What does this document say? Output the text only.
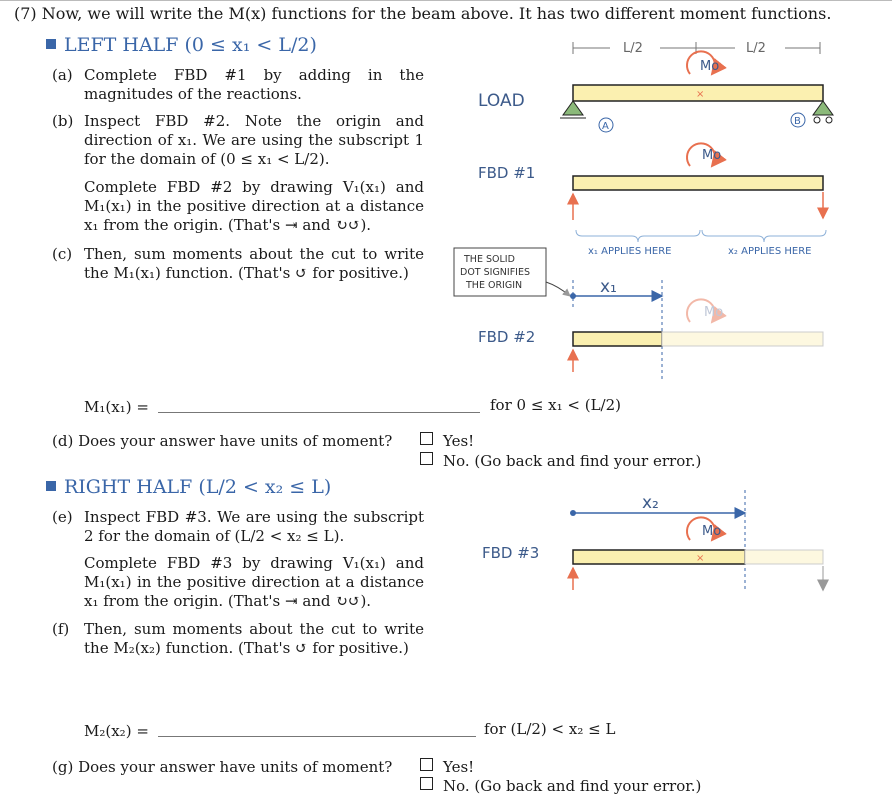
(7) Now, we will write the M(x) functions for the beam above. It has two different moment functions.
LEFT HALF (0 ≤ x₁ < L/2)
(a) Complete FBD #1 by adding in the magnitudes of the reactions.
(b) Inspect FBD #2. Note the origin and direction of x₁. We are using the subscript 1 for the domain of (0 ≤ x₁ < L/2).
Complete FBD #2 by drawing V₁(x₁) and M₁(x₁) in the positive direction at a distance x₁ from the origin. (That's ⇥ and ↻↺).
(c) Then, sum moments about the cut to write the M₁(x₁) function. (That's ↺ for positive.)
M₁(x₁) =	for 0 ≤ x₁ < (L/2)
(d) Does your answer have units of moment?	Yes!
No. (Go back and find your error.)
RIGHT HALF (L/2 < x₂ ≤ L)
(e) Inspect FBD #3. We are using the subscript 2 for the domain of (L/2 < x₂ ≤ L).
Complete FBD #3 by drawing V₁(x₁) and M₁(x₁) in the positive direction at a distance x₁ from the origin. (That's ⇥ and ↻↺).
(f) Then, sum moments about the cut to write the M₂(x₂) function. (That's ↺ for positive.)
M₂(x₂) =	for (L/2) < x₂ ≤ L
(g) Does your answer have units of moment?	Yes!
No. (Go back and find your error.)
L/2	L/2
LOAD
Mo
×
A	B
FBD #1
Mo
x₁ APPLIES HERE	x₂ APPLIES HERE
THE SOLID
DOT SIGNIFIES
THE ORIGIN	x₁
FBD #2
Mo
x₂
FBD #3
Mo
×
